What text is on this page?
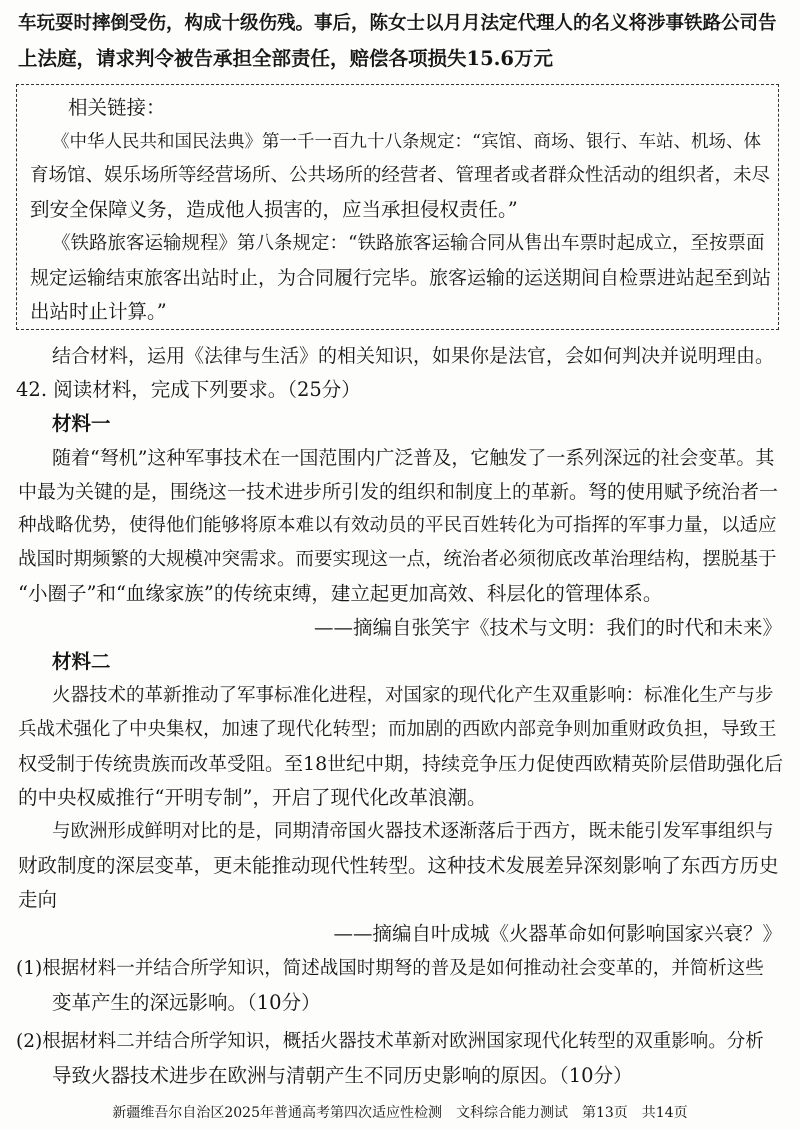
车玩耍时摔倒受伤，构成十级伤残。事后，陈女士以月月法定代理人的名义将涉事铁路公司告
上法庭，请求判令被告承担全部责任，赔偿各项损失15.6万元
相关链接：
《中华人民共和国民法典》第一千一百九十八条规定：“宾馆、商场、银行、车站、机场、体
育场馆、娱乐场所等经营场所、公共场所的经营者、管理者或者群众性活动的组织者，未尽
到安全保障义务，造成他人损害的，应当承担侵权责任。”
《铁路旅客运输规程》第八条规定：“铁路旅客运输合同从售出车票时起成立，至按票面
规定运输结束旅客出站时止，为合同履行完毕。旅客运输的运送期间自检票进站起至到站
出站时止计算。”
结合材料，运用《法律与生活》的相关知识，如果你是法官，会如何判决并说明理由。
42. 阅读材料，完成下列要求。（25分）
材料一
随着“弩机”这种军事技术在一国范围内广泛普及，它触发了一系列深远的社会变革。其
中最为关键的是，围绕这一技术进步所引发的组织和制度上的革新。弩的使用赋予统治者一
种战略优势，使得他们能够将原本难以有效动员的平民百姓转化为可指挥的军事力量，以适应
战国时期频繁的大规模冲突需求。而要实现这一点，统治者必须彻底改革治理结构，摆脱基于
“小圈子”和“血缘家族”的传统束缚，建立起更加高效、科层化的管理体系。
——摘编自张笑宇《技术与文明：我们的时代和未来》
材料二
火器技术的革新推动了军事标准化进程，对国家的现代化产生双重影响：标准化生产与步
兵战术强化了中央集权，加速了现代化转型；而加剧的西欧内部竞争则加重财政负担，导致王
权受制于传统贵族而改革受阻。至18世纪中期，持续竞争压力促使西欧精英阶层借助强化后
的中央权威推行“开明专制”，开启了现代化改革浪潮。
与欧洲形成鲜明对比的是，同期清帝国火器技术逐渐落后于西方，既未能引发军事组织与
财政制度的深层变革，更未能推动现代性转型。这种技术发展差异深刻影响了东西方历史
走向
——摘编自叶成城《火器革命如何影响国家兴衰？》
(1)根据材料一并结合所学知识，简述战国时期弩的普及是如何推动社会变革的，并简析这些
变革产生的深远影响。（10分）
(2)根据材料二并结合所学知识，概括火器技术革新对欧洲国家现代化转型的双重影响。分析
导致火器技术进步在欧洲与清朝产生不同历史影响的原因。（10分）
新疆维吾尔自治区2025年普通高考第四次适应性检测　文科综合能力测试　第13页　共14页
